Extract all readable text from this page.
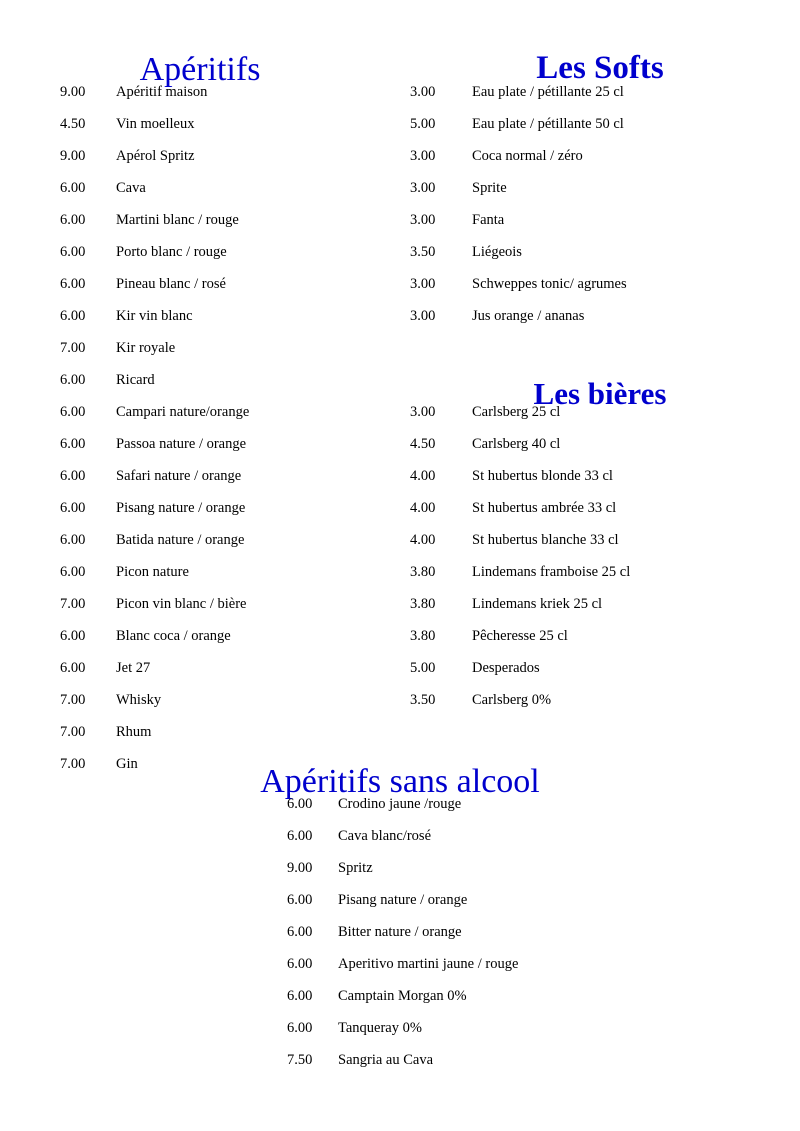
Apéritifs
9.00 Apéritif maison
4.50 Vin moelleux
9.00 Apérol Spritz
6.00 Cava
6.00 Martini blanc / rouge
6.00 Porto blanc / rouge
6.00 Pineau blanc / rosé
6.00 Kir vin blanc
7.00 Kir royale
6.00 Ricard
6.00 Campari nature/orange
6.00 Passoa nature / orange
6.00 Safari nature / orange
6.00 Pisang nature / orange
6.00 Batida nature / orange
6.00 Picon nature
7.00 Picon vin blanc / bière
6.00 Blanc coca / orange
6.00 Jet 27
7.00 Whisky
7.00 Rhum
7.00 Gin
Les Softs
3.00	Eau plate / pétillante 25 cl
5.00	Eau plate / pétillante 50 cl
3.00	Coca normal / zéro
3.00	Sprite
3.00	Fanta
3.50	Liégeois
3.00	Schweppes tonic/ agrumes
3.00	Jus orange / ananas
Les bières
3.00	Carlsberg 25 cl
4.50	Carlsberg 40 cl
4.00	St hubertus blonde 33 cl
4.00	St hubertus ambrée 33 cl
4.00	St hubertus blanche 33 cl
3.80	Lindemans framboise 25 cl
3.80	Lindemans kriek 25 cl
3.80	Pêcheresse 25 cl
5.00	Desperados
3.50	Carlsberg 0%
Apéritifs sans alcool
6.00 Crodino jaune /rouge
6.00 Cava blanc/rosé
9.00 Spritz
6.00 Pisang nature / orange
6.00 Bitter nature / orange
6.00 Aperitivo martini jaune / rouge
6.00 Camptain Morgan 0%
6.00 Tanqueray 0%
7.50 Sangria au Cava
